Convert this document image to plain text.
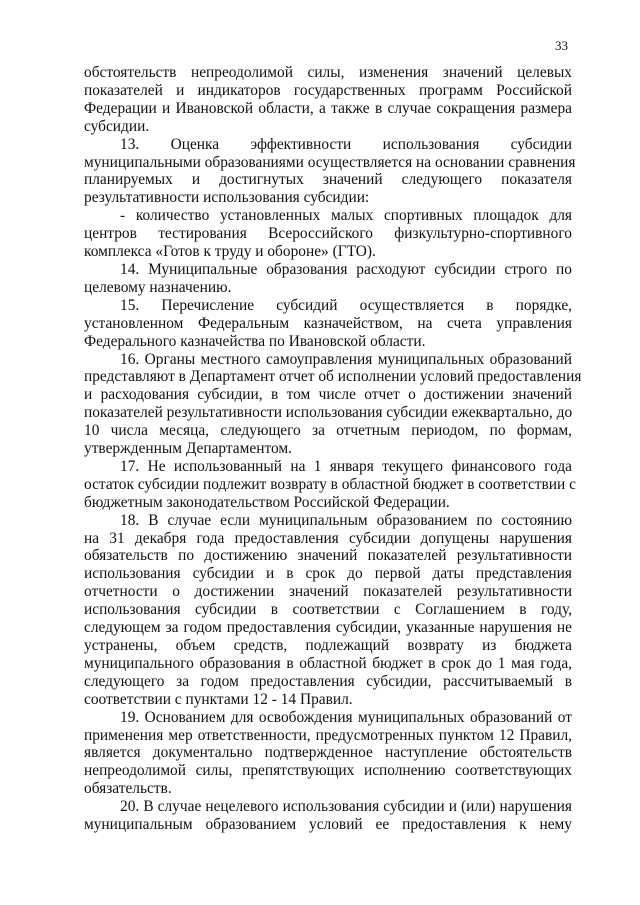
33
обстоятельств непреодолимой силы, изменения значений целевых
показателей и индикаторов государственных программ Российской
Федерации и Ивановской области, а также в случае сокращения размера
субсидии.
13. Оценка эффективности использования субсидии
муниципальными образованиями осуществляется на основании сравнения
планируемых и достигнутых значений следующего показателя
результативности использования субсидии:
- количество установленных малых спортивных площадок для
центров тестирования Всероссийского физкультурно-спортивного
комплекса «Готов к труду и обороне» (ГТО).
14. Муниципальные образования расходуют субсидии строго по
целевому назначению.
15. Перечисление субсидий осуществляется в порядке,
установленном Федеральным казначейством, на счета управления
Федерального казначейства по Ивановской области.
16. Органы местного самоуправления муниципальных образований
представляют в Департамент отчет об исполнении условий предоставления
и расходования субсидии, в том числе отчет о достижении значений
показателей результативности использования субсидии ежеквартально, до
10 числа месяца, следующего за отчетным периодом, по формам,
утвержденным Департаментом.
17. Не использованный на 1 января текущего финансового года
остаток субсидии подлежит возврату в областной бюджет в соответствии с
бюджетным законодательством Российской Федерации.
18. В случае если муниципальным образованием по состоянию
на 31 декабря года предоставления субсидии допущены нарушения
обязательств по достижению значений показателей результативности
использования субсидии и в срок до первой даты представления
отчетности о достижении значений показателей результативности
использования субсидии в соответствии с Соглашением в году,
следующем за годом предоставления субсидии, указанные нарушения не
устранены, объем средств, подлежащий возврату из бюджета
муниципального образования в областной бюджет в срок до 1 мая года,
следующего за годом предоставления субсидии, рассчитываемый в
соответствии с пунктами 12 - 14 Правил.
19. Основанием для освобождения муниципальных образований от
применения мер ответственности, предусмотренных пунктом 12 Правил,
является документально подтвержденное наступление обстоятельств
непреодолимой силы, препятствующих исполнению соответствующих
обязательств.
20. В случае нецелевого использования субсидии и (или) нарушения
муниципальным образованием условий ее предоставления к нему
